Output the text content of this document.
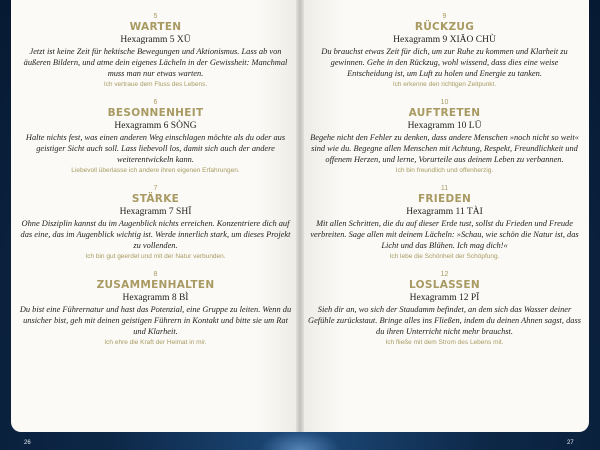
5
WARTEN
Hexagramm 5 XŪ
Jetzt ist keine Zeit für hektische Bewegungen und Aktionismus. Lass ab von äußeren Bildern, und atme dein eigenes Lächeln in der Gewissheit: Manchmal muss man nur etwas warten.
Ich vertraue dem Fluss des Lebens.
6
BESONNENHEIT
Hexagramm 6 SÒNG
Halte nichts fest, was einen anderen Weg einschlagen möchte als du oder aus geistiger Sicht auch soll. Lass liebevoll los, damit sich auch der andere weiterentwickeln kann.
Liebevoll überlasse ich andere ihren eigenen Erfahrungen.
7
STÄRKE
Hexagramm 7 SHĪ
Ohne Disziplin kannst du im Augenblick nichts erreichen. Konzentriere dich auf das eine, das im Augenblick wichtig ist. Werde innerlich stark, um dieses Projekt zu vollenden.
Ich bin gut geerdet und mit der Natur verbunden.
8
ZUSAMMENHALTEN
Hexagramm 8 BÌ
Du bist eine Führernatur und hast das Potenzial, eine Gruppe zu leiten. Wenn du unsicher bist, geh mit deinen geistigen Führern in Kontakt und bitte sie um Rat und Klarheit.
Ich ehre die Kraft der Heimat in mir.
9
RÜCKZUG
Hexagramm 9 XIĂO CHÙ
Du brauchst etwas Zeit für dich, um zur Ruhe zu kommen und Klarheit zu gewinnen. Gehe in den Rückzug, wohl wissend, dass dies eine weise Entscheidung ist, um Luft zu holen und Energie zu tanken.
Ich erkenne den richtigen Zeitpunkt.
10
AUFTRETEN
Hexagramm 10 LŪ
Begehe nicht den Fehler zu denken, dass andere Menschen »noch nicht so weit« sind wie du. Begegne allen Menschen mit Achtung, Respekt, Freundlichkeit und offenem Herzen, und lerne, Vorurteile aus deinem Leben zu verbannen.
Ich bin freundlich und offenherzig.
11
FRIEDEN
Hexagramm 11 TÀI
Mit allen Schritten, die du auf dieser Erde tust, sollst du Frieden und Freude verbreiten. Sage allen mit deinem Lächeln: »Schau, wie schön die Natur ist, das Licht und das Blühen. Ich mag dich!«
Ich lebe die Schönheit der Schöpfung.
12
LOSLASSEN
Hexagramm 12 PĪ
Sieh dir an, wo sich der Staudamm befindet, an dem sich das Wasser deiner Gefühle zurückstaut. Bringe alles ins Fließen, indem du deinen Ahnen sagst, dass du ihren Unterricht nicht mehr brauchst.
Ich fließe mit dem Strom des Lebens mit.
26	27
